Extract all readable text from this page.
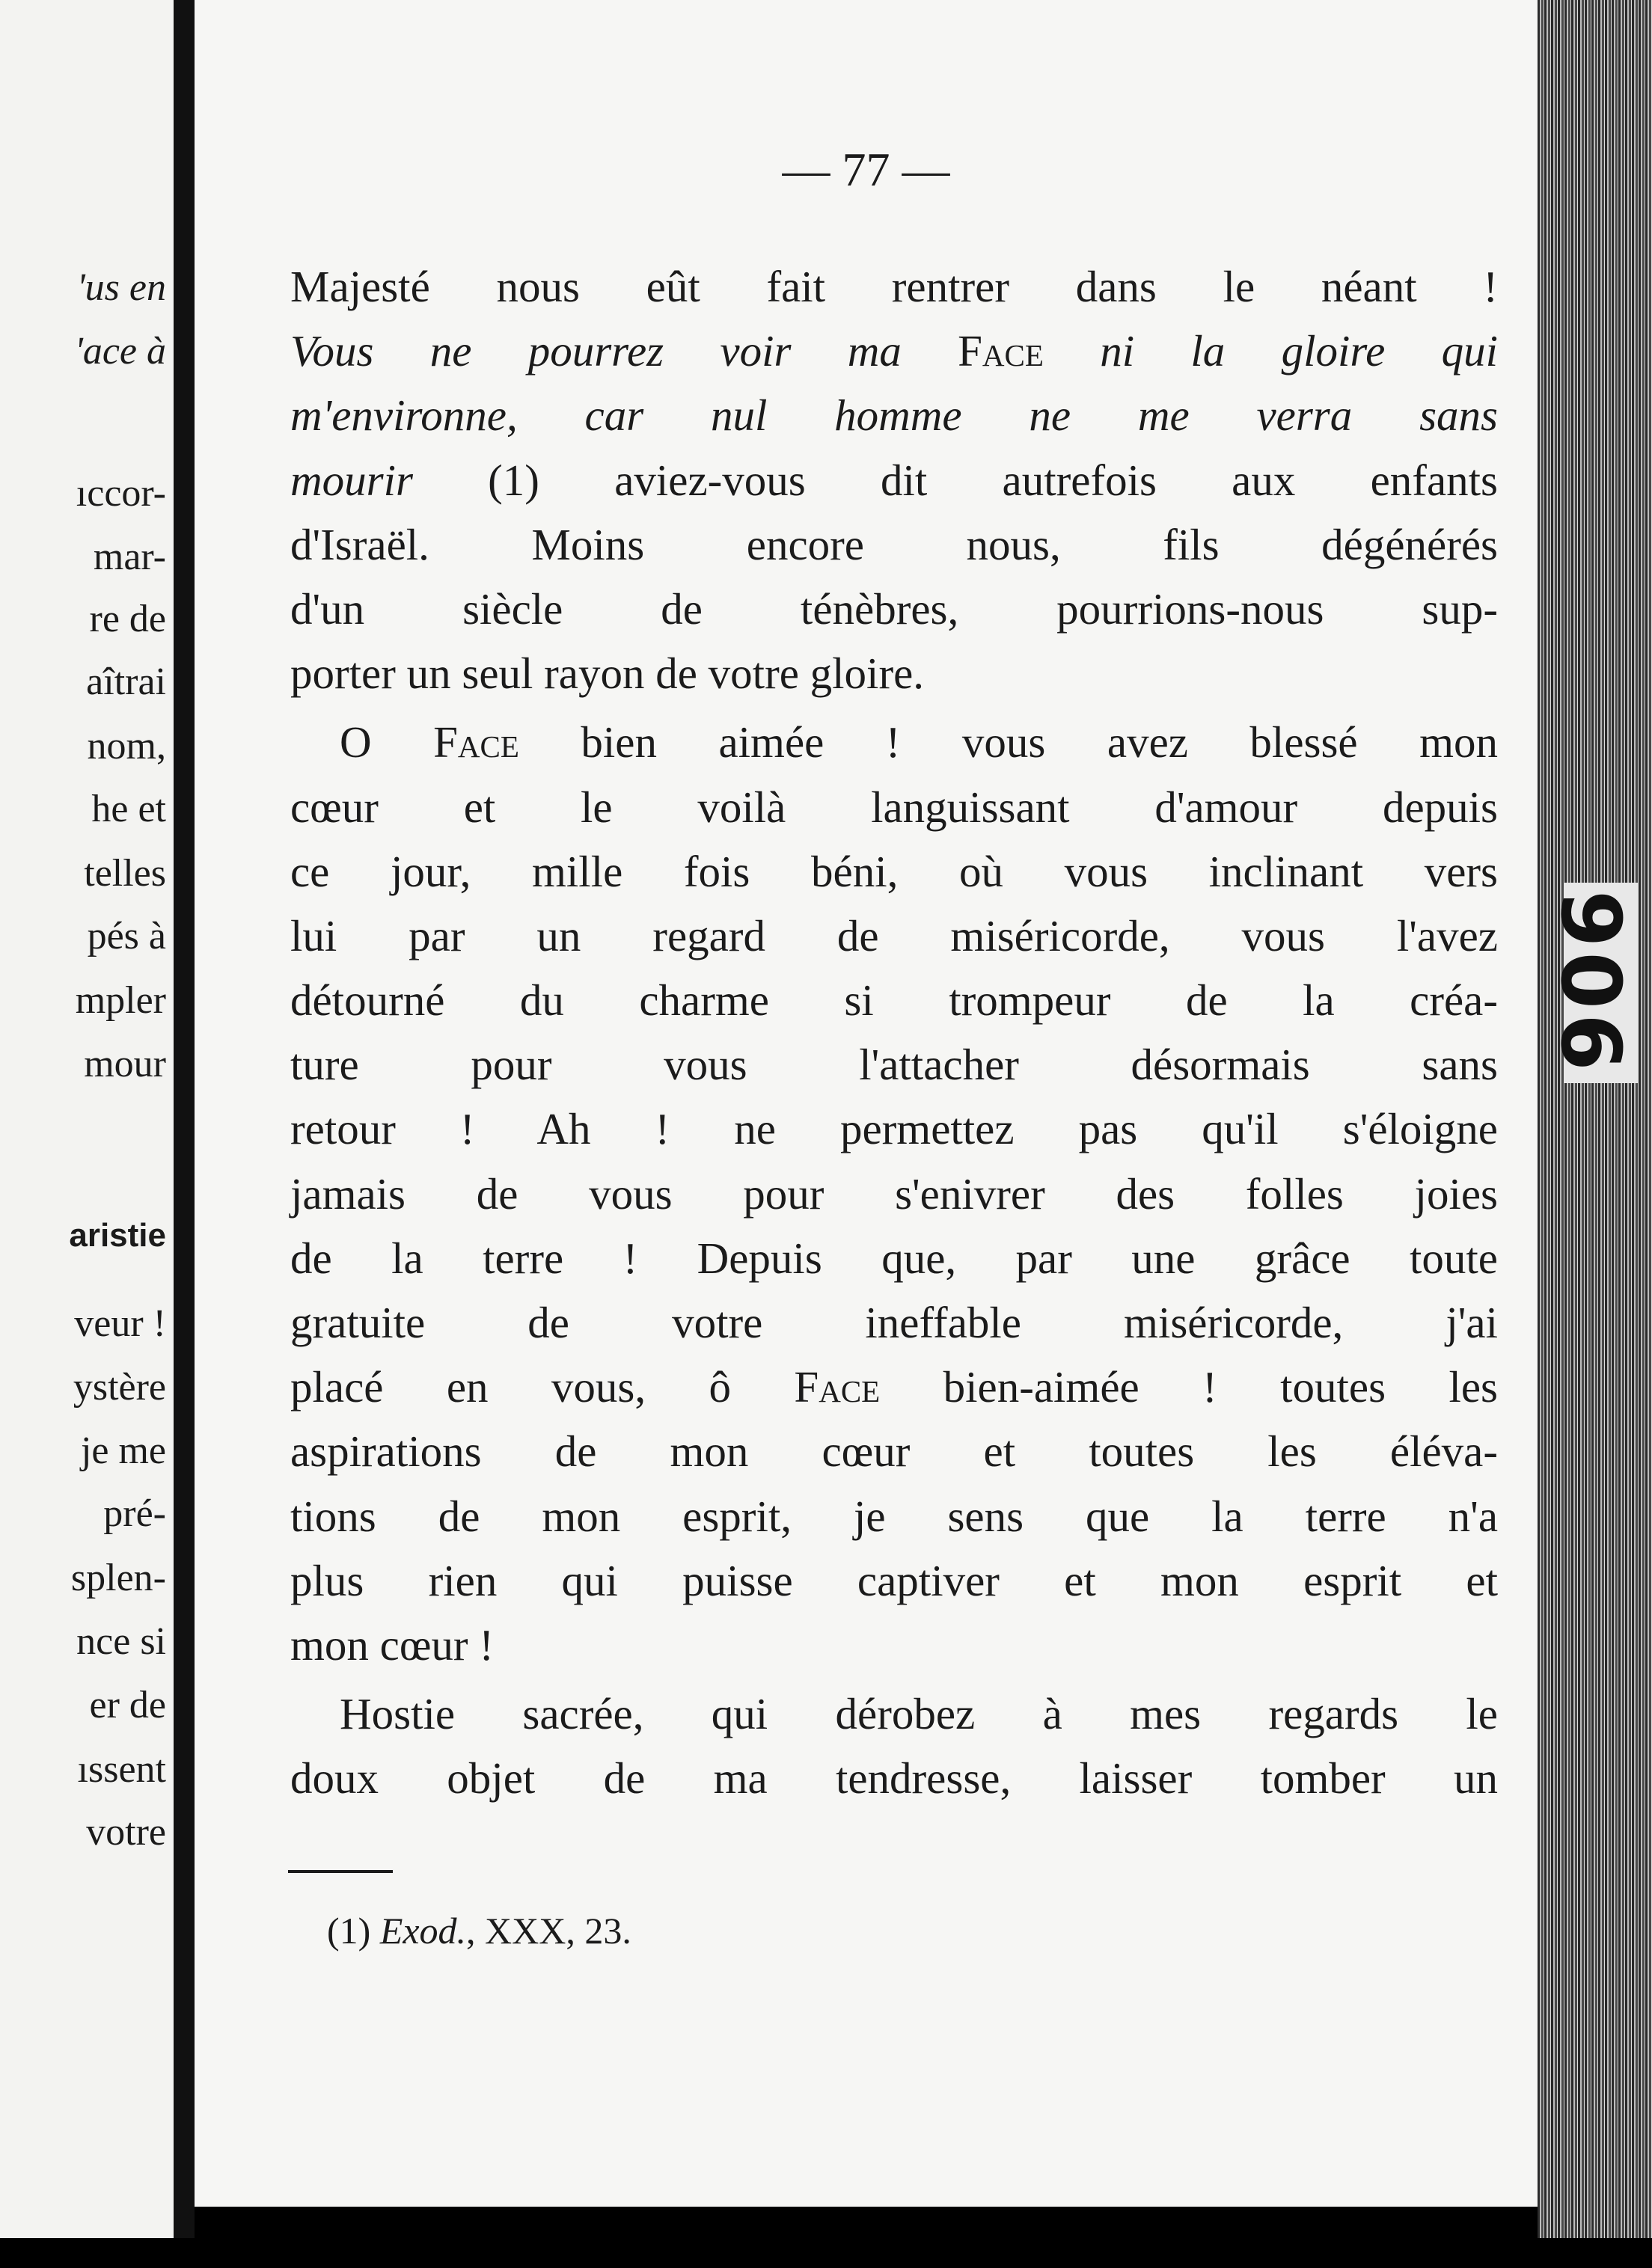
'us en
'ace à
ıccor-
mar-
re de
aîtrai
nom,
he et
telles
pés à
mpler
mour
aristie
veur !
ystère
je me
pré-
splen-
nce si
er de
ıssent
votre
— 77 —
Majesté nous eût fait rentrer dans le néant !
Vous ne pourrez voir ma Face ni la gloire qui
m'environne, car nul homme ne me verra sans
mourir (1) aviez-vous dit autrefois aux enfants
d'Israël. Moins encore nous, fils dégénérés
d'un siècle de ténèbres, pourrions-nous sup-
porter un seul rayon de votre gloire.
O Face bien aimée ! vous avez blessé mon
cœur et le voilà languissant d'amour depuis
ce jour, mille fois béni, où vous inclinant vers
lui par un regard de miséricorde, vous l'avez
détourné du charme si trompeur de la créa-
ture pour vous l'attacher désormais sans
retour ! Ah ! ne permettez pas qu'il s'éloigne
jamais de vous pour s'enivrer des folles joies
de la terre ! Depuis que, par une grâce toute
gratuite de votre ineffable miséricorde, j'ai
placé en vous, ô Face bien-aimée ! toutes les
aspirations de mon cœur et toutes les éléva-
tions de mon esprit, je sens que la terre n'a
plus rien qui puisse captiver et mon esprit et
mon cœur !
Hostie sacrée, qui dérobez à mes regards le
doux objet de ma tendresse, laisser tomber un
(1) Exod., XXX, 23.
906
